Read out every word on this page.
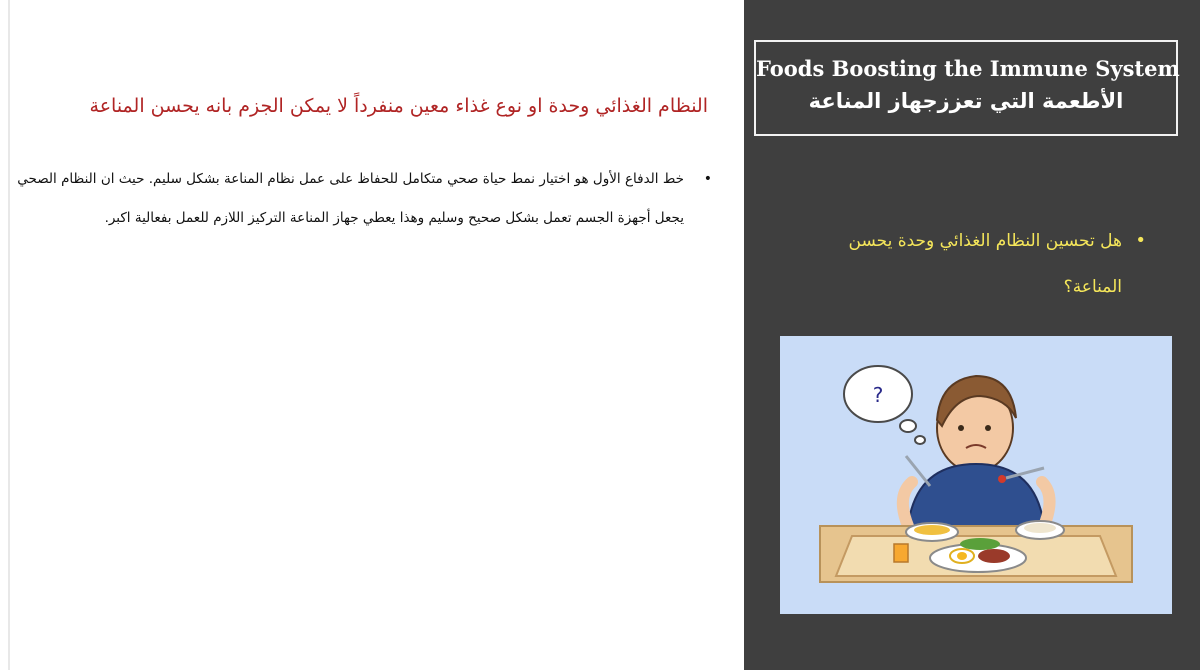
النظام الغذائي وحدة او نوع غذاء معين منفرداً لا يمكن الجزم بانه يحسن المناعة
•
خط الدفاع الأول هو اختيار نمط حياة صحي متكامل للحفاظ على عمل نظام المناعة بشكل سليم. حيث ان النظام الصحي يجعل أجهزة الجسم تعمل بشكل صحيح وسليم وهذا يعطي جهاز المناعة التركيز اللازم للعمل بفعالية اكبر.
Foods Boosting the Immune System
الأطعمة التي تعززجهاز المناعة
•
هل تحسين النظام الغذائي وحدة يحسن المناعة؟
?
